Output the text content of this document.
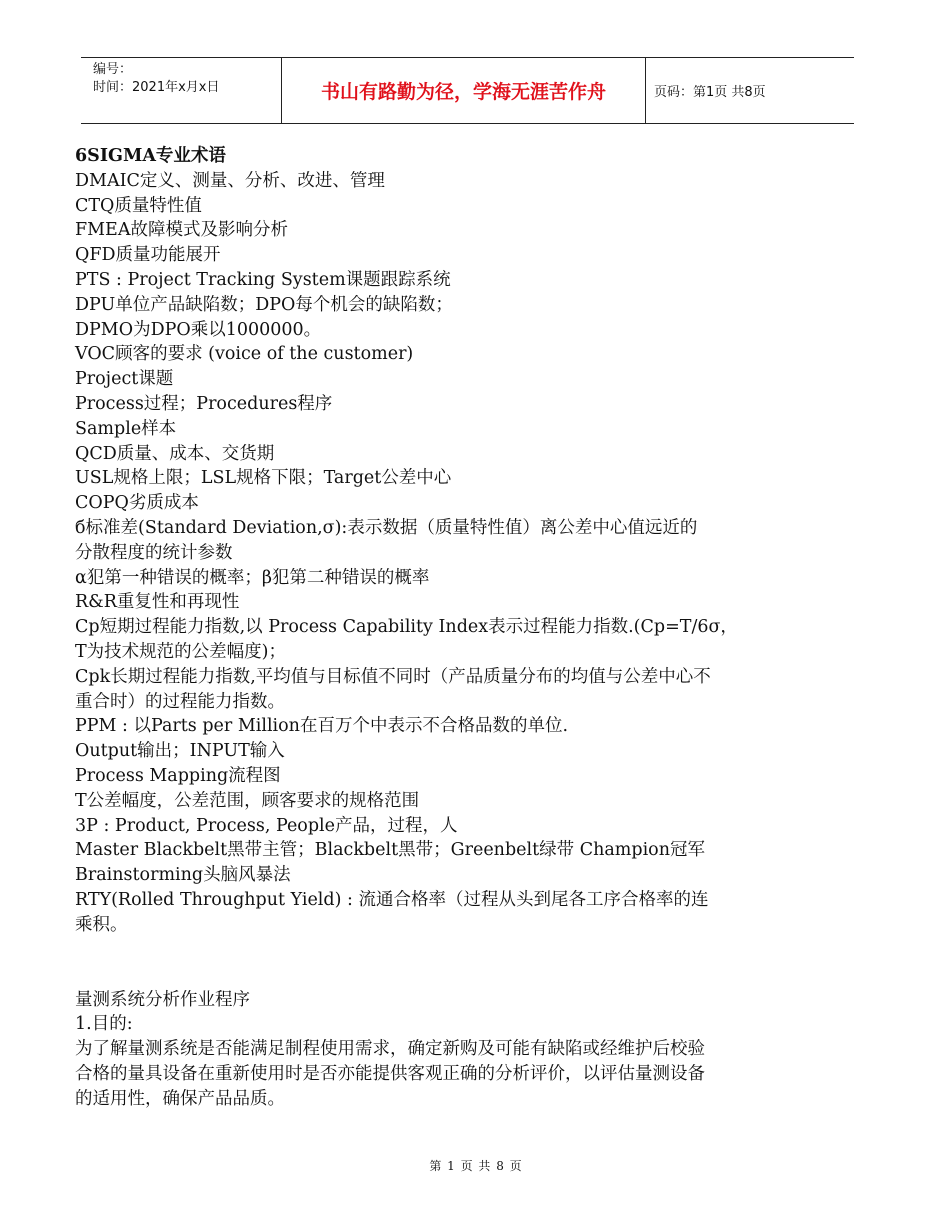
编号：
时间：2021年x月x日	书山有路勤为径，学海无涯苦作舟	页码：第1页 共8页

6SIGMA专业术语

DMAIC定义、测量、分析、改进、管理

CTQ质量特性值

FMEA故障模式及影响分析

QFD质量功能展开

PTS : Project Tracking System课题跟踪系统

DPU单位产品缺陷数；DPO每个机会的缺陷数；

DPMO为DPO乘以1000000。

VOC顾客的要求 (voice of the customer)

Project课题

Process过程；Procedures程序

Sample样本

QCD质量、成本、交货期

USL规格上限；LSL规格下限；Target公差中心

COPQ劣质成本

б标准差(Standard Deviation,σ):表示数据（质量特性值）离公差中心值远近的

分散程度的统计参数

α犯第一种错误的概率；β犯第二种错误的概率

R&R重复性和再现性

Cp短期过程能力指数,以 Process Capability Index表示过程能力指数.(Cp=T/6σ，

T为技术规范的公差幅度)；

Cpk长期过程能力指数,平均值与目标值不同时（产品质量分布的均值与公差中心不

重合时）的过程能力指数。

PPM : 以Parts per Million在百万个中表示不合格品数的单位.

Output输出；INPUT输入

Process Mapping流程图

T公差幅度，公差范围，顾客要求的规格范围

3P : Product, Process, People产品，过程，人

Master Blackbelt黑带主管；Blackbelt黑带；Greenbelt绿带 Champion冠军

Brainstorming头脑风暴法

RTY(Rolled Throughput Yield) : 流通合格率（过程从头到尾各工序合格率的连

乘积。

量测系统分析作业程序

1.目的:

为了解量测系统是否能满足制程使用需求，确定新购及可能有缺陷或经维护后校验

合格的量具设备在重新使用时是否亦能提供客观正确的分析评价，以评估量测设备

的适用性，确保产品品质。

第 1 页 共 8 页
